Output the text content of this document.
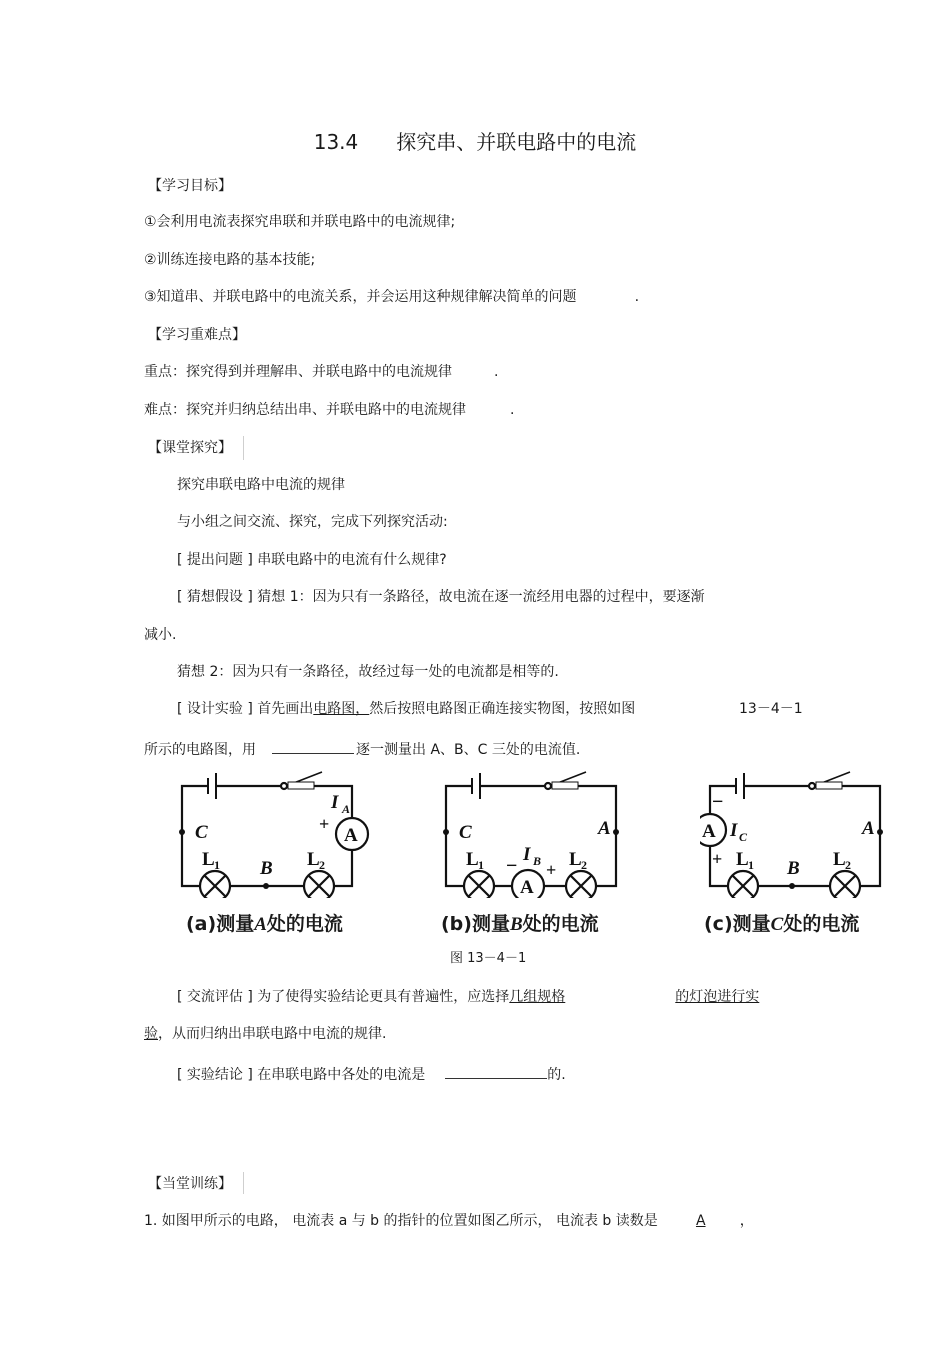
13.4 探究串、并联电路中的电流
【学习目标】
①会利用电流表探究串联和并联电路中的电流规律;
②训练连接电路的基本技能;
③知道串、并联电路中的电流关系，并会运用这种规律解决简单的问题	.
【学习重难点】
重点：探究得到并理解串、并联电路中的电流规律	.
难点：探究并归纳总结出串、并联电路中的电流规律	.
【课堂探究】
探究串联电路中电流的规律
与小组之间交流、探究，完成下列探究活动:
[ 提出问题 ] 串联电路中的电流有什么规律?
[ 猜想假设 ] 猜想 1：因为只有一条路径，故电流在逐一流经用电器的过程中，要逐渐
减小.
猜想 2：因为只有一条路径，故经过每一处的电流都是相等的.
[ 设计实验 ] 首先画出电路图，然后按照电路图正确连接实物图，按照如图	13－4－1
所示的电路图，用	逐一测量出 A、B、C 三处的电流值.
C
B
I A
+
A
L 1	L 2
C	A
I B
− +
A
L 1	L 2
−
+
A I C	A
B
L 1	L 2
(a)测量A处的电流	(b)测量B处的电流	(c)测量C处的电流
图 13－4－1
[ 交流评估 ] 为了使得实验结论更具有普遍性，应选择几组规格	的灯泡进行实
验，从而归纳出串联电路中电流的规律.
[ 实验结论 ] 在串联电路中各处的电流是	的.
【当堂训练】
1. 如图甲所示的电路， 电流表 a 与 b 的指针的位置如图乙所示， 电流表 b 读数是	A ，
